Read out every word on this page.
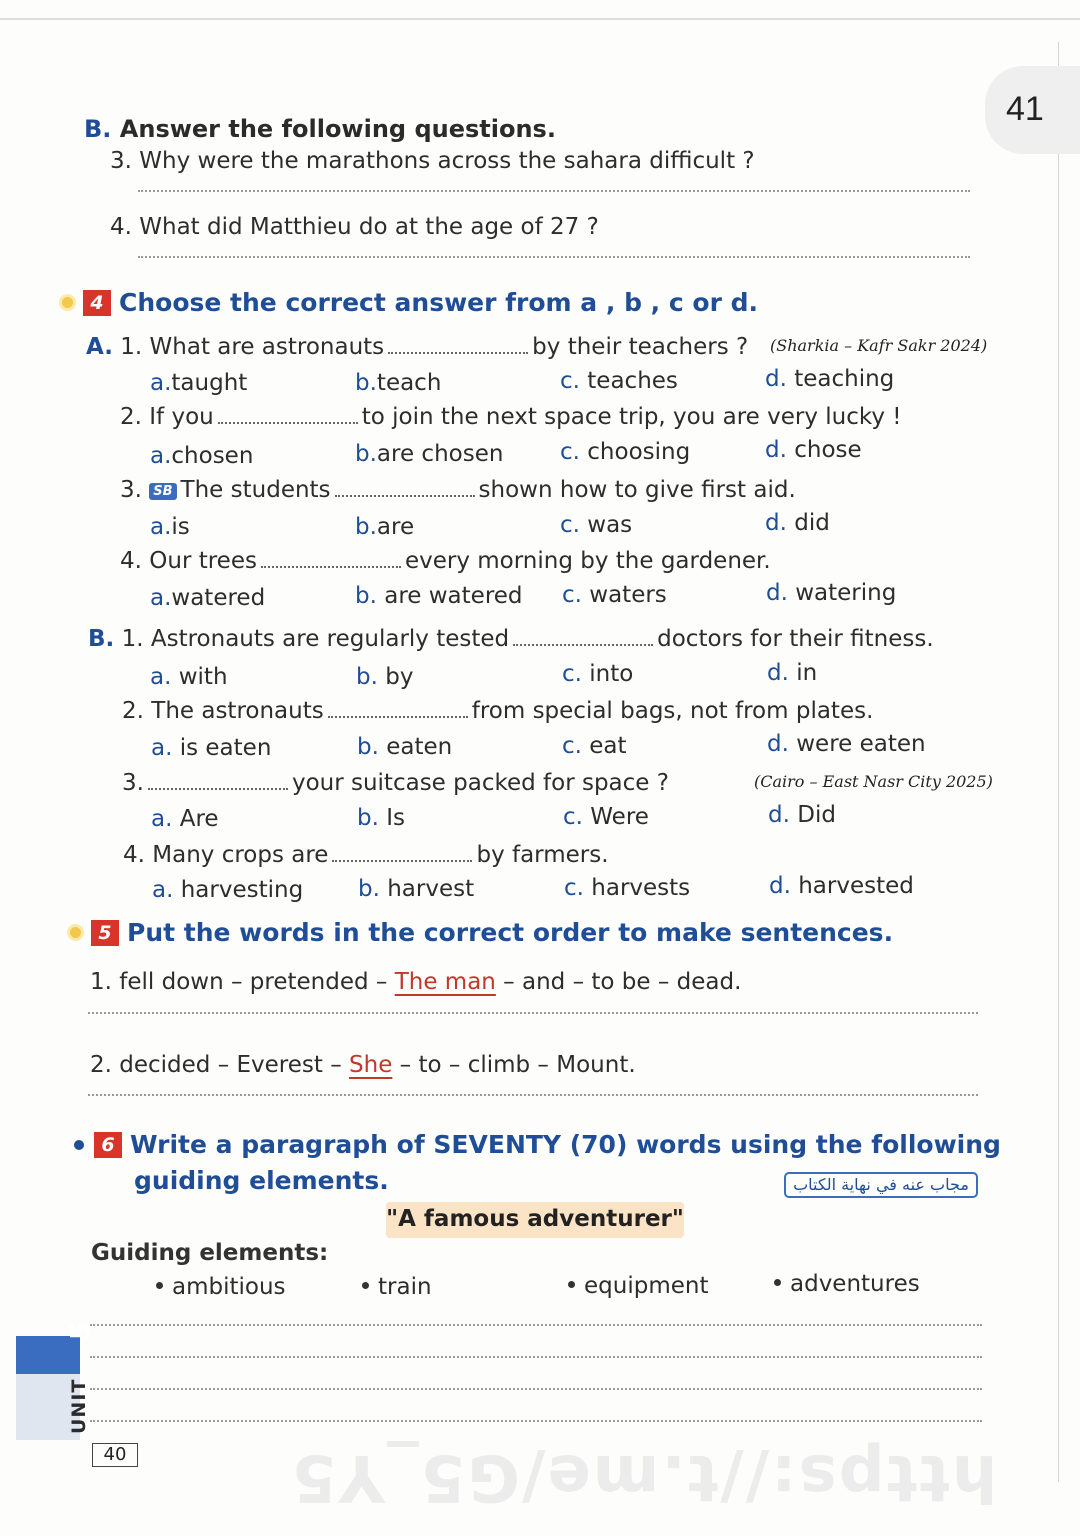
41
https://t.me/G5_Y5
B. Answer the following questions.
3. Why were the marathons across the sahara difficult ?
4. What did Matthieu do at the age of 27 ?
4 Choose the correct answer from a , b , c or d.
A. 1. What are astronauts	by their teachers ? (Sharkia – Kafr Sakr 2024)
a.taught	b.teach	c. teaches	d. teaching
2. If you	to join the next space trip, you are very lucky !
a.chosen	b.are chosen c. choosing	d. chose
3. SB The students	shown how to give first aid.
a.is	b.are	c. was	d. did
4. Our trees	every morning by the gardener.
a.watered	b. are watered c. waters	d. watering
B. 1. Astronauts are regularly tested	doctors for their fitness.
a. with	b. by	c. into	d. in
2. The astronauts	from special bags, not from plates.
a. is eaten	b. eaten	c. eat	d. were eaten
3.	your suitcase packed for space ?	(Cairo – East Nasr City 2025)
a. Are	b. Is	c. Were	d. Did
4. Many crops are	by farmers.
a. harvesting b. harvest	c. harvests	d. harvested
5 Put the words in the correct order to make sentences.
1. fell down – pretended – The man – and – to be – dead.
2. decided – Everest – She – to – climb – Mount.
6 Write a paragraph of SEVENTY (70) words using the following
guiding elements.	مجاب عنه في نهاية الكتاب
"A famous adventurer"
Guiding elements:
ambitious	train	equipment	adventures
5
UNIT
40
